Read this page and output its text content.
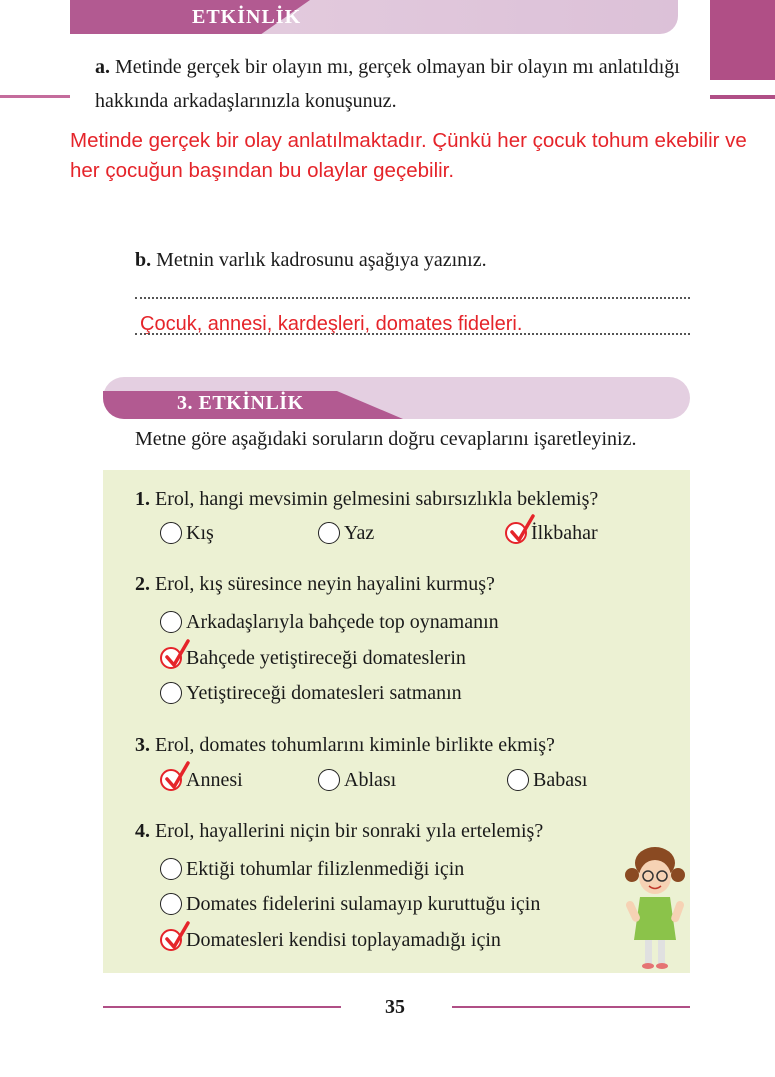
ETKİNLİK
a. Metinde gerçek bir olayın mı, gerçek olmayan bir olayın mı anlatıldığı hakkında arkadaşlarınızla konuşunuz.
Metinde gerçek bir olay anlatılmaktadır. Çünkü her çocuk tohum ekebilir ve her çocuğun başından bu olaylar geçebilir.
b. Metnin varlık kadrosunu aşağıya yazınız.
Çocuk, annesi, kardeşleri, domates fideleri.
3. ETKİNLİK
Metne göre aşağıdaki soruların doğru cevaplarını işaretleyiniz.
1. Erol, hangi mevsimin gelmesini sabırsızlıkla beklemiş?
Kış	Yaz	İlkbahar
2. Erol, kış süresince neyin hayalini kurmuş?
Arkadaşlarıyla bahçede top oynamanın
Bahçede yetiştireceği domateslerin
Yetiştireceği domatesleri satmanın
3. Erol, domates tohumlarını kiminle birlikte ekmiş?
Annesi	Ablası	Babası
4. Erol, hayallerini niçin bir sonraki yıla ertelemiş?
Ektiği tohumlar filizlenmediği için
Domates fidelerini sulamayıp kuruttuğu için
Domatesleri kendisi toplayamadığı için
35
